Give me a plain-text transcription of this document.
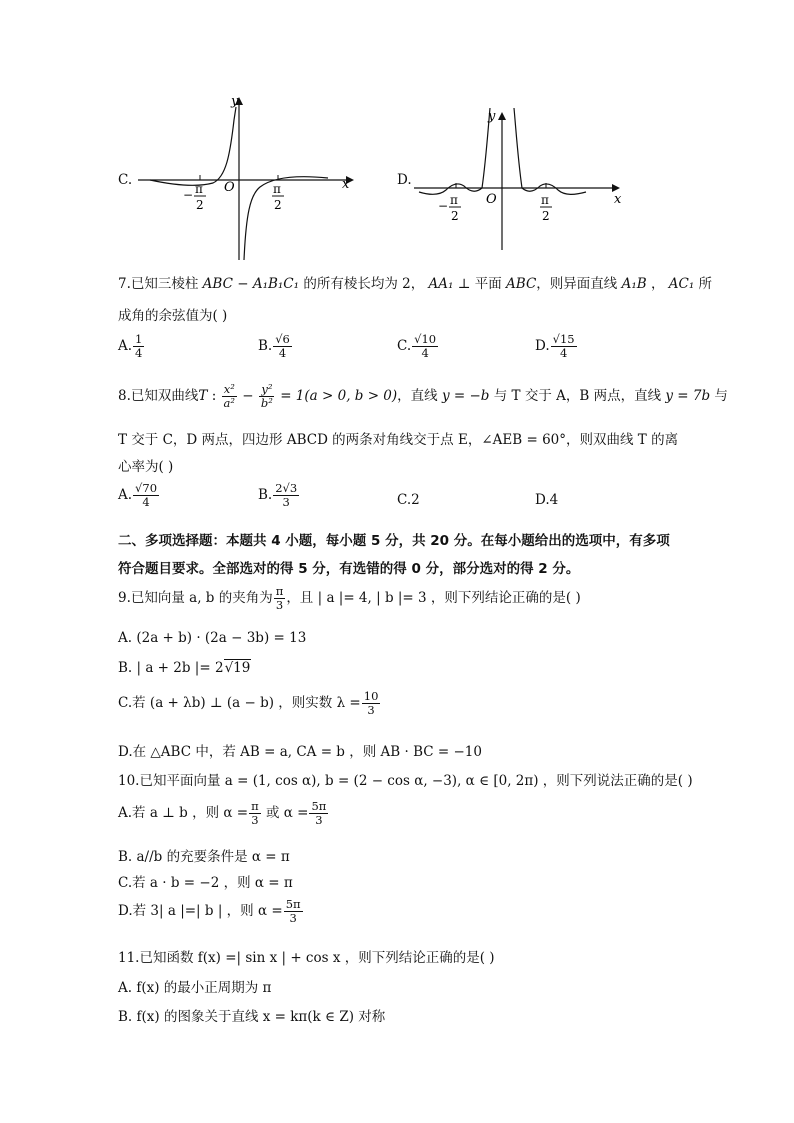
C.
y
x
O
− π
2
π
2
D.
y
x
O
− π
2
π
2
7.已知三棱柱 ABC − A₁B₁C₁ 的所有棱长均为 2， AA₁ ⊥ 平面 ABC，则异面直线 A₁B ， AC₁ 所
成角的余弦值为( )
A. $\frac{1}{4}$	B. $\frac{√6}{4}$	C. $\frac{√10}{4}$	D. $\frac{√15}{4}$
8.已知双曲线T : $\frac{\text{x²}}{\text{a²}} - \frac{\text{y²}}{\text{b²}} = 1(a > 0$, b > 0)，直线 y = −b 与 T 交于 A，B 两点，直线 y = 7b 与
T 交于 C，D 两点，四边形 ABCD 的两条对角线交于点 E，∠AEB = 60°，则双曲线 T 的离
心率为( )
A. $\frac{√70}{4}$	B. $\frac{2√3}{3}$	C.2	D.4
二、多项选择题：本题共 4 小题，每小题 5 分，共 20 分。在每小题给出的选项中，有多项
符合题目要求。全部选对的得 5 分，有选错的得 0 分，部分选对的得 2 分。
9.已知向量 a, b 的夹角为 $\frac{\pi}{3}$ ，且 | a |= 4, | b |= 3 ，则下列结论正确的是( )
A. (2a + b) · (2a − 3b) = 13
B. | a + 2b |= 2√19
C.若 (a + λb) ⊥ (a − b) ，则实数 $\lambda = \frac{10}{3}$
D.在 △ABC 中，若 AB = a, CA = b ，则 AB · BC = −10
10.已知平面向量 a = (1, cos α), b = (2 − cos α, −3), α ∈ [0, 2π) ，则下列说法正确的是( )
A.若 a ⊥ b ，则 $\alpha = \frac{\pi}{3}$ 或 $\alpha = \frac{5\pi}{3}$
B. a//b 的充要条件是 α = π
C.若 a · b = −2 ，则 α = π
D.若 3| a |=| b | ，则 $\alpha = \frac{5\pi}{3}$
11.已知函数 f(x) =| sin x | + cos x ，则下列结论正确的是( )
A. f(x) 的最小正周期为 π
B. f(x) 的图象关于直线 x = kπ(k ∈ Z) 对称
